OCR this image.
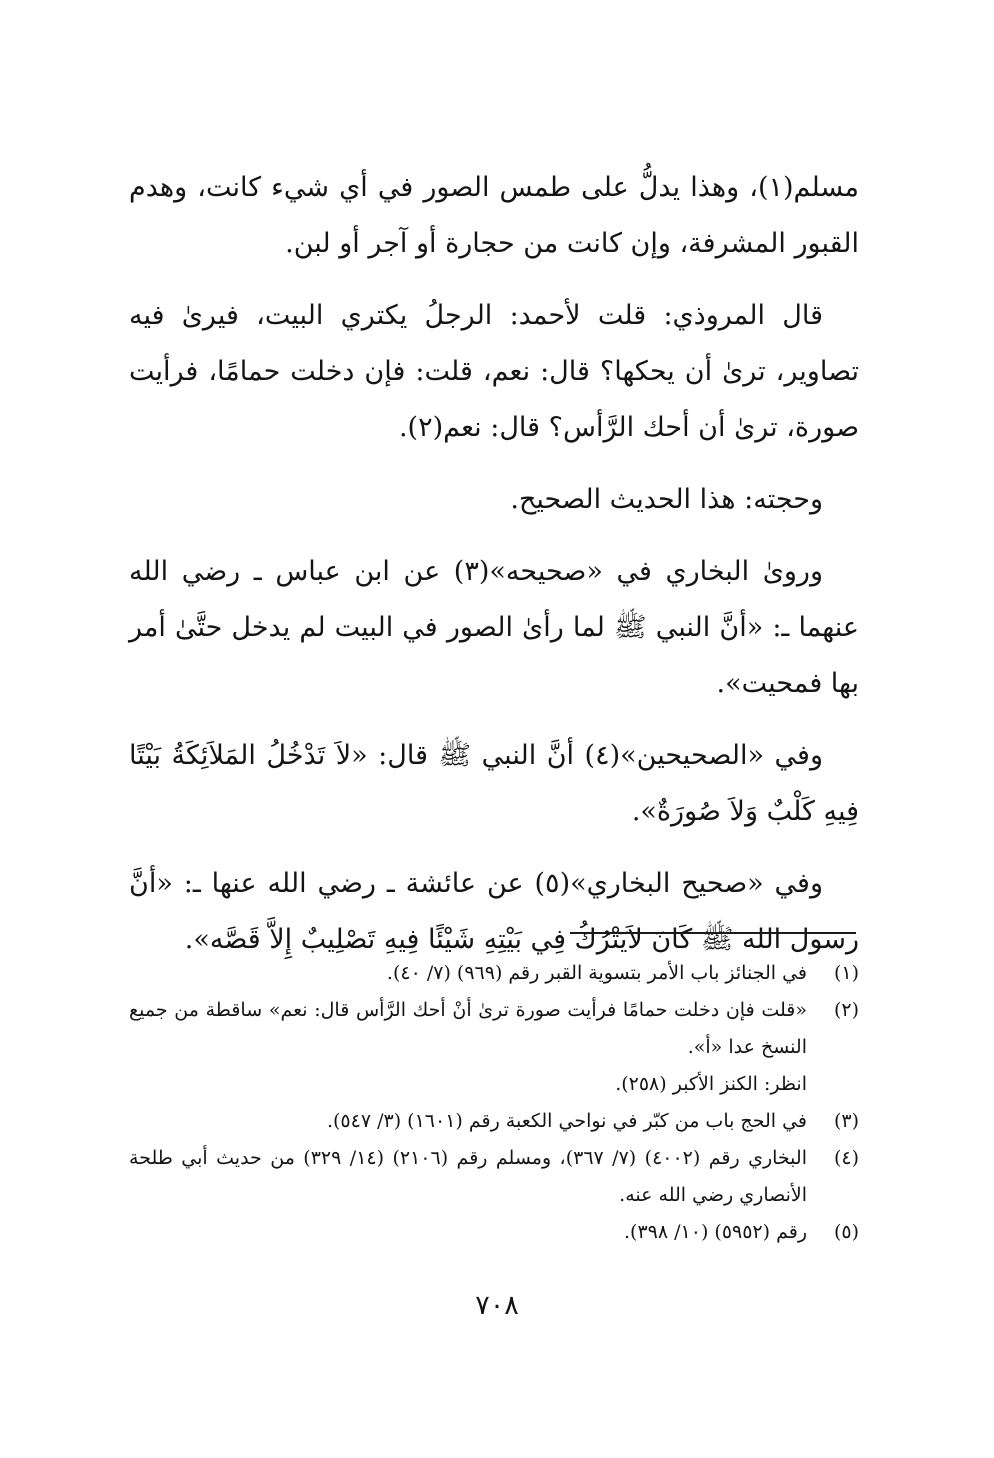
مسلم(١)، وهذا يدلُّ على طمس الصور في أي شيء كانت، وهدم القبور المشرفة، وإن كانت من حجارة أو آجر أو لبن.

قال المروذي: قلت لأحمد: الرجلُ يكتري البيت، فيرىٰ فيه تصاوير، ترىٰ أن يحكها؟ قال: نعم، قلت: فإن دخلت حمامًا، فرأيت صورة، ترىٰ أن أحك الرَّأس؟ قال: نعم(٢).

وحجته: هذا الحديث الصحيح.

وروىٰ البخاري في «صحيحه»(٣) عن ابن عباس ـ رضي الله عنهما ـ: «أنَّ النبي ﷺ لما رأىٰ الصور في البيت لم يدخل حتَّىٰ أمر بها فمحيت».

وفي «الصحيحين»(٤) أنَّ النبي ﷺ قال: «لاَ تَدْخُلُ المَلاَئِكَةُ بَيْتًا فِيهِ كَلْبٌ وَلاَ صُورَةٌ».

وفي «صحيح البخاري»(٥) عن عائشة ـ رضي الله عنها ـ: «أنَّ رسول الله ﷺ كَانَ لاَيَتْرُكُ فِي بَيْتِهِ شَيْئًا فِيهِ تَصْلِيبٌ إِلاَّ قَصَّه».

(١)
في الجنائز باب الأمر بتسوية القبر رقم (٩٦٩) (٧/ ٤٠).
(٢)
«قلت فإن دخلت حمامًا فرأيت صورة ترىٰ أنْ أحك الرَّأس قال: نعم» ساقطة من جميع النسخ عدا «أ».
انظر: الكنز الأكبر (٢٥٨).
(٣)
في الحج باب من كبّر في نواحي الكعبة رقم (١٦٠١) (٣/ ٥٤٧).
(٤)
البخاري رقم (٤٠٠٢) (٧/ ٣٦٧)، ومسلم رقم (٢١٠٦) (١٤/ ٣٢٩) من حديث أبي طلحة الأنصاري رضي الله عنه.
(٥)
رقم (٥٩٥٢) (١٠/ ٣٩٨).
٧٠٨
